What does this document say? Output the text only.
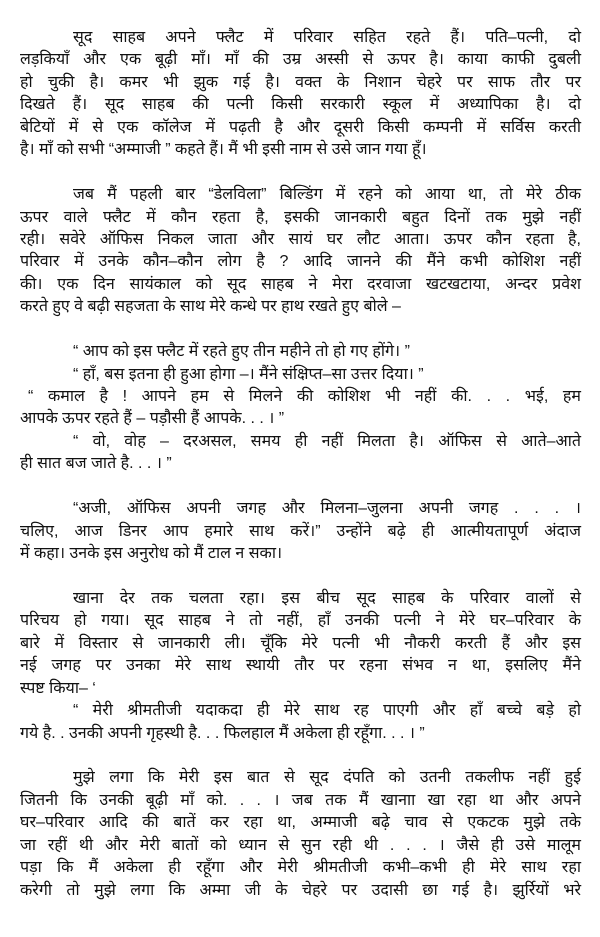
सूद साहब अपने फ्लैट में परिवार सहित रहते हैं। पति–पत्नी, दो
लड़कियाँ और एक बूढ़ी माँ। माँ की उम्र अस्सी से ऊपर है। काया काफी दुबली
हो चुकी है। कमर भी झुक गई है। वक्त के निशान चेहरे पर साफ तौर पर
दिखते हैं। सूद साहब की पत्नी किसी सरकारी स्कूल में अध्यापिका है। दो
बेटियों में से एक कॉलेज में पढ़ती है और दूसरी किसी कम्पनी में सर्विस करती
है। माँ को सभी “अम्माजी ” कहते हैं। मैं भी इसी नाम से उसे जान गया हूँ।
जब मैं पहली बार “डेलविला” बिल्डिंग में रहने को आया था, तो मेरे ठीक
ऊपर वाले फ्लैट में कौन रहता है, इसकी जानकारी बहुत दिनों तक मुझे नहीं
रही। सवेरे ऑफिस निकल जाता और सायं घर लौट आता। ऊपर कौन रहता है,
परिवार में उनके कौन–कौन लोग है ? आदि जानने की मैंने कभी कोशिश नहीं
की। एक दिन सायंकाल को सूद साहब ने मेरा दरवाजा खटखटाया, अन्दर प्रवेश
करते हुए वे बढ़ी सहजता के साथ मेरे कन्धे पर हाथ रखते हुए बोले –
“ आप को इस फ्लैट में रहते हुए तीन महीने तो हो गए होंगे। ”
“ हाँ, बस इतना ही हुआ होगा –। मैंने संक्षिप्त–सा उत्तर दिया। ”
“ कमाल है ! आपने हम से मिलने की कोशिश भी नहीं की. . . भई, हम
आपके ऊपर रहते हैं – पड़ौसी हैं आपके. . . । ”
“ वो, वोह – दरअसल, समय ही नहीं मिलता है। ऑफिस से आते–आते
ही सात बज जाते है. . . । ”
“अजी, ऑफिस अपनी जगह और मिलना–जुलना अपनी जगह . . . ।
चलिए, आज डिनर आप हमारे साथ करें।” उन्होंने बढ़े ही आत्मीयतापूर्ण अंदाज
में कहा। उनके इस अनुरोध को मैं टाल न सका।
खाना देर तक चलता रहा। इस बीच सूद साहब के परिवार वालों से
परिचय हो गया। सूद साहब ने तो नहीं, हाँ उनकी पत्नी ने मेरे घर–परिवार के
बारे में विस्तार से जानकारी ली। चूँकि मेरे पत्नी भी नौकरी करती हैं और इस
नई जगह पर उनका मेरे साथ स्थायी तौर पर रहना संभव न था, इसलिए मैंने
स्पष्ट किया– ‘
“ मेरी श्रीमतीजी यदाकदा ही मेरे साथ रह पाएगी और हाँ बच्चे बड़े हो
गये है. . उनकी अपनी गृहस्थी है. . . फिलहाल मैं अकेला ही रहूँगा. . . । ”
मुझे लगा कि मेरी इस बात से सूद दंपति को उतनी तकलीफ नहीं हुई
जितनी कि उनकी बूढ़ी माँ को. . . । जब तक मैं खानाा खा रहा था और अपने
घर–परिवार आदि की बातें कर रहा था, अम्माजी बढ़े चाव से एकटक मुझे तके
जा रहीं थी और मेरी बातों को ध्यान से सुन रही थी . . . । जैसे ही उसे मालूम
पड़ा कि मैं अकेला ही रहूँगा और मेरी श्रीमतीजी कभी–कभी ही मेरे साथ रहा
करेगी तो मुझे लगा कि अम्मा जी के चेहरे पर उदासी छा गई है। झुर्रियों भरे
